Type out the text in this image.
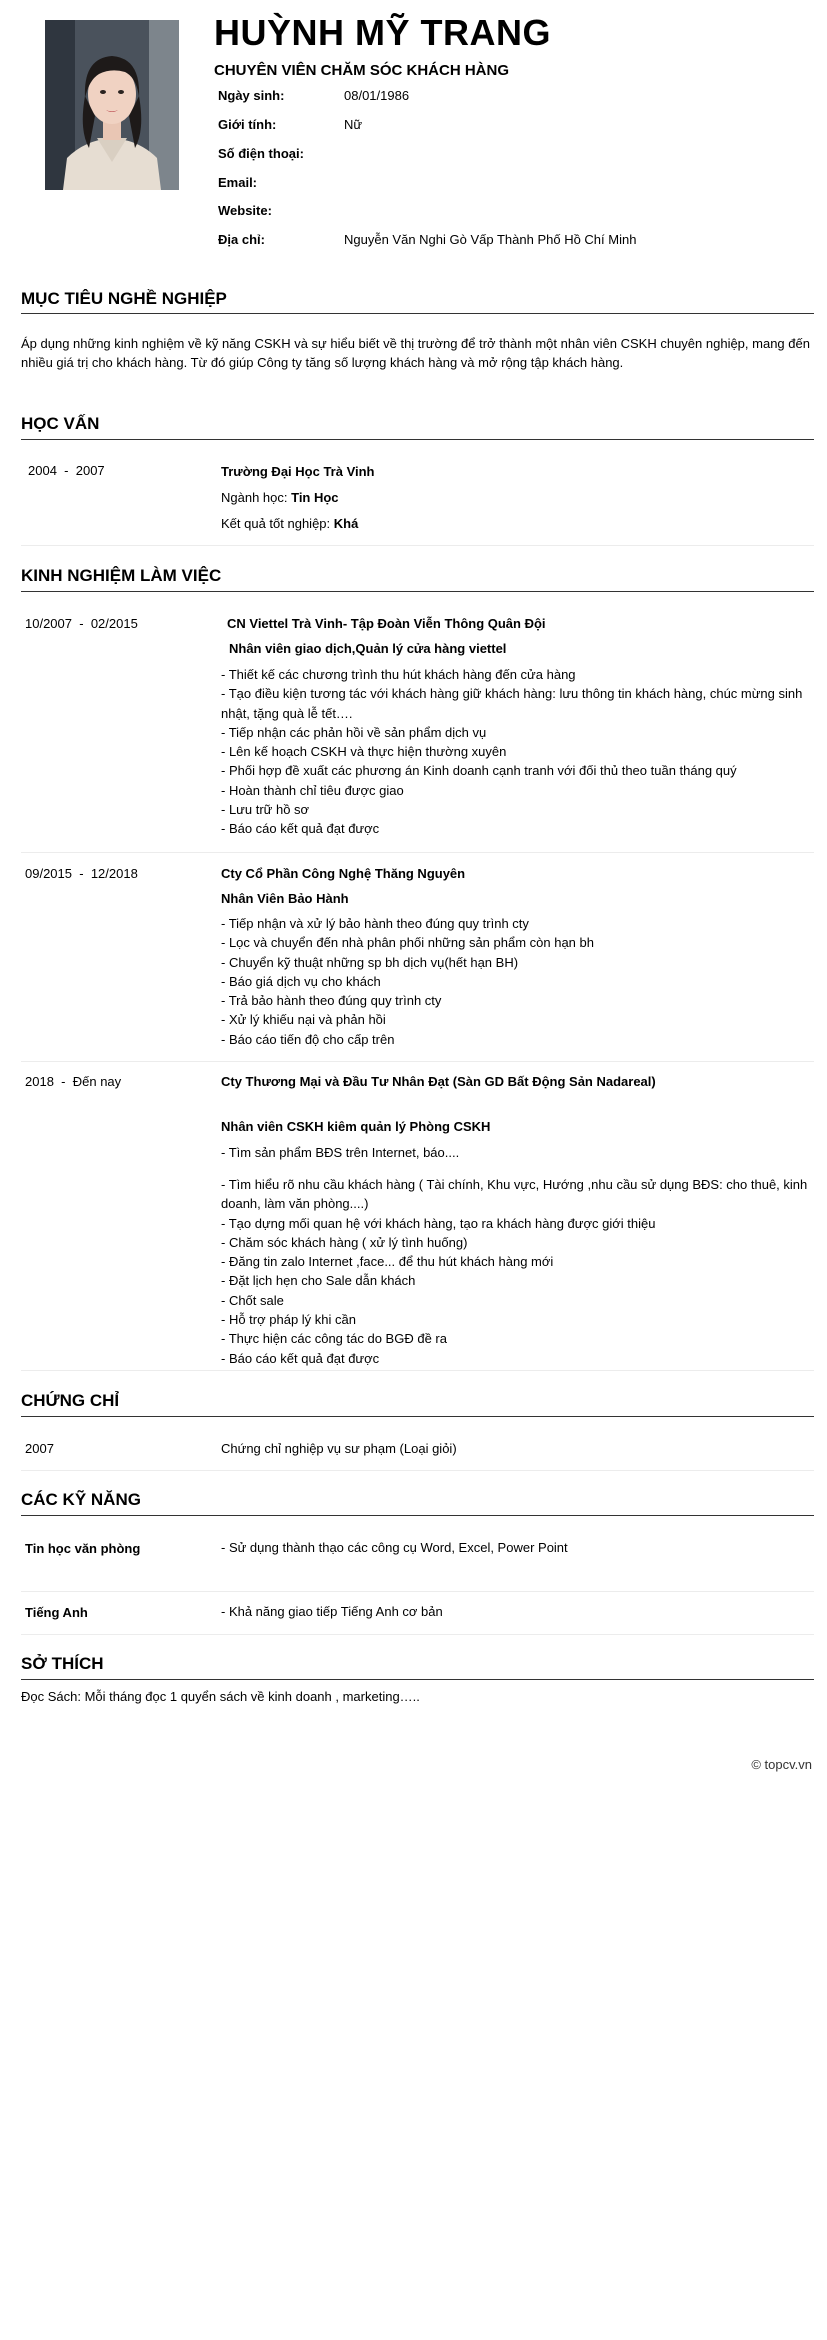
HUỲNH MỸ TRANG
CHUYÊN VIÊN CHĂM SÓC KHÁCH HÀNG
Ngày sinh:	08/01/1986
Giới tính:	Nữ
Số điện thoại:
Email:
Website:
Địa chỉ:	Nguyễn Văn Nghi Gò Vấp Thành Phố Hồ Chí Minh
MỤC TIÊU NGHỀ NGHIỆP
Áp dụng những kinh nghiệm về kỹ năng CSKH và sự hiểu biết về thị trường để trở thành một nhân viên CSKH chuyên nghiệp, mang đến nhiều giá trị cho khách hàng. Từ đó giúp Công ty tăng số lượng khách hàng và mở rộng tập khách hàng.
HỌC VẤN
2004 - 2007	Trường Đại Học Trà Vinh
Ngành học: Tin Học
Kết quả tốt nghiệp: Khá
KINH NGHIỆM LÀM VIỆC
10/2007 - 02/2015	CN Viettel Trà Vinh- Tập Đoàn Viễn Thông Quân Đội
Nhân viên giao dịch,Quản lý cửa hàng viettel
- Thiết kế các chương trình thu hút khách hàng đến cửa hàng
- Tạo điều kiện tương tác với khách hàng giữ khách hàng: lưu thông tin khách hàng, chúc mừng sinh nhật, tặng quà lễ tết….
- Tiếp nhận các phản hồi về sản phẩm dịch vụ
- Lên kế hoạch CSKH và thực hiện thường xuyên
- Phối hợp đề xuất các phương án Kinh doanh cạnh tranh với đối thủ theo tuần tháng quý
- Hoàn thành chỉ tiêu được giao
- Lưu trữ hồ sơ
- Báo cáo kết quả đạt được
09/2015 - 12/2018	Cty Cổ Phần Công Nghệ Thăng Nguyên
Nhân Viên Bảo Hành
- Tiếp nhận và xử lý bảo hành theo đúng quy trình cty
- Lọc và chuyển đến nhà phân phối những sản phẩm còn hạn bh
- Chuyển kỹ thuật những sp bh dịch vụ(hết hạn BH)
- Báo giá dịch vụ cho khách
- Trả bảo hành theo đúng quy trình cty
- Xử lý khiếu nại và phản hồi
- Báo cáo tiến độ cho cấp trên
2018 - Đến nay	Cty Thương Mại và Đầu Tư Nhân Đạt (Sàn GD Bất Động Sản Nadareal)
Nhân viên CSKH kiêm quản lý Phòng CSKH
- Tìm sản phẩm BĐS trên Internet, báo....
- Tìm hiểu rõ nhu cầu khách hàng ( Tài chính, Khu vực, Hướng ,nhu cầu sử dụng BĐS: cho thuê, kinh doanh, làm văn phòng....)
- Tạo dựng mối quan hệ với khách hàng, tạo ra khách hàng được giới thiệu
- Chăm sóc khách hàng ( xử lý tình huống)
- Đăng tin zalo Internet ,face... để thu hút khách hàng mới
- Đặt lịch hẹn cho Sale dẫn khách
- Chốt sale
- Hỗ trợ pháp lý khi cần
- Thực hiện các công tác do BGĐ đề ra
- Báo cáo kết quả đạt được
CHỨNG CHỈ
2007	Chứng chỉ nghiệp vụ sư phạm (Loại giỏi)
CÁC KỸ NĂNG
Tin học văn phòng	- Sử dụng thành thạo các công cụ Word, Excel, Power Point
Tiếng Anh	- Khả năng giao tiếp Tiếng Anh cơ bản
SỞ THÍCH
Đọc Sách: Mỗi tháng đọc 1 quyển sách về kinh doanh , marketing…..
© topcv.vn
